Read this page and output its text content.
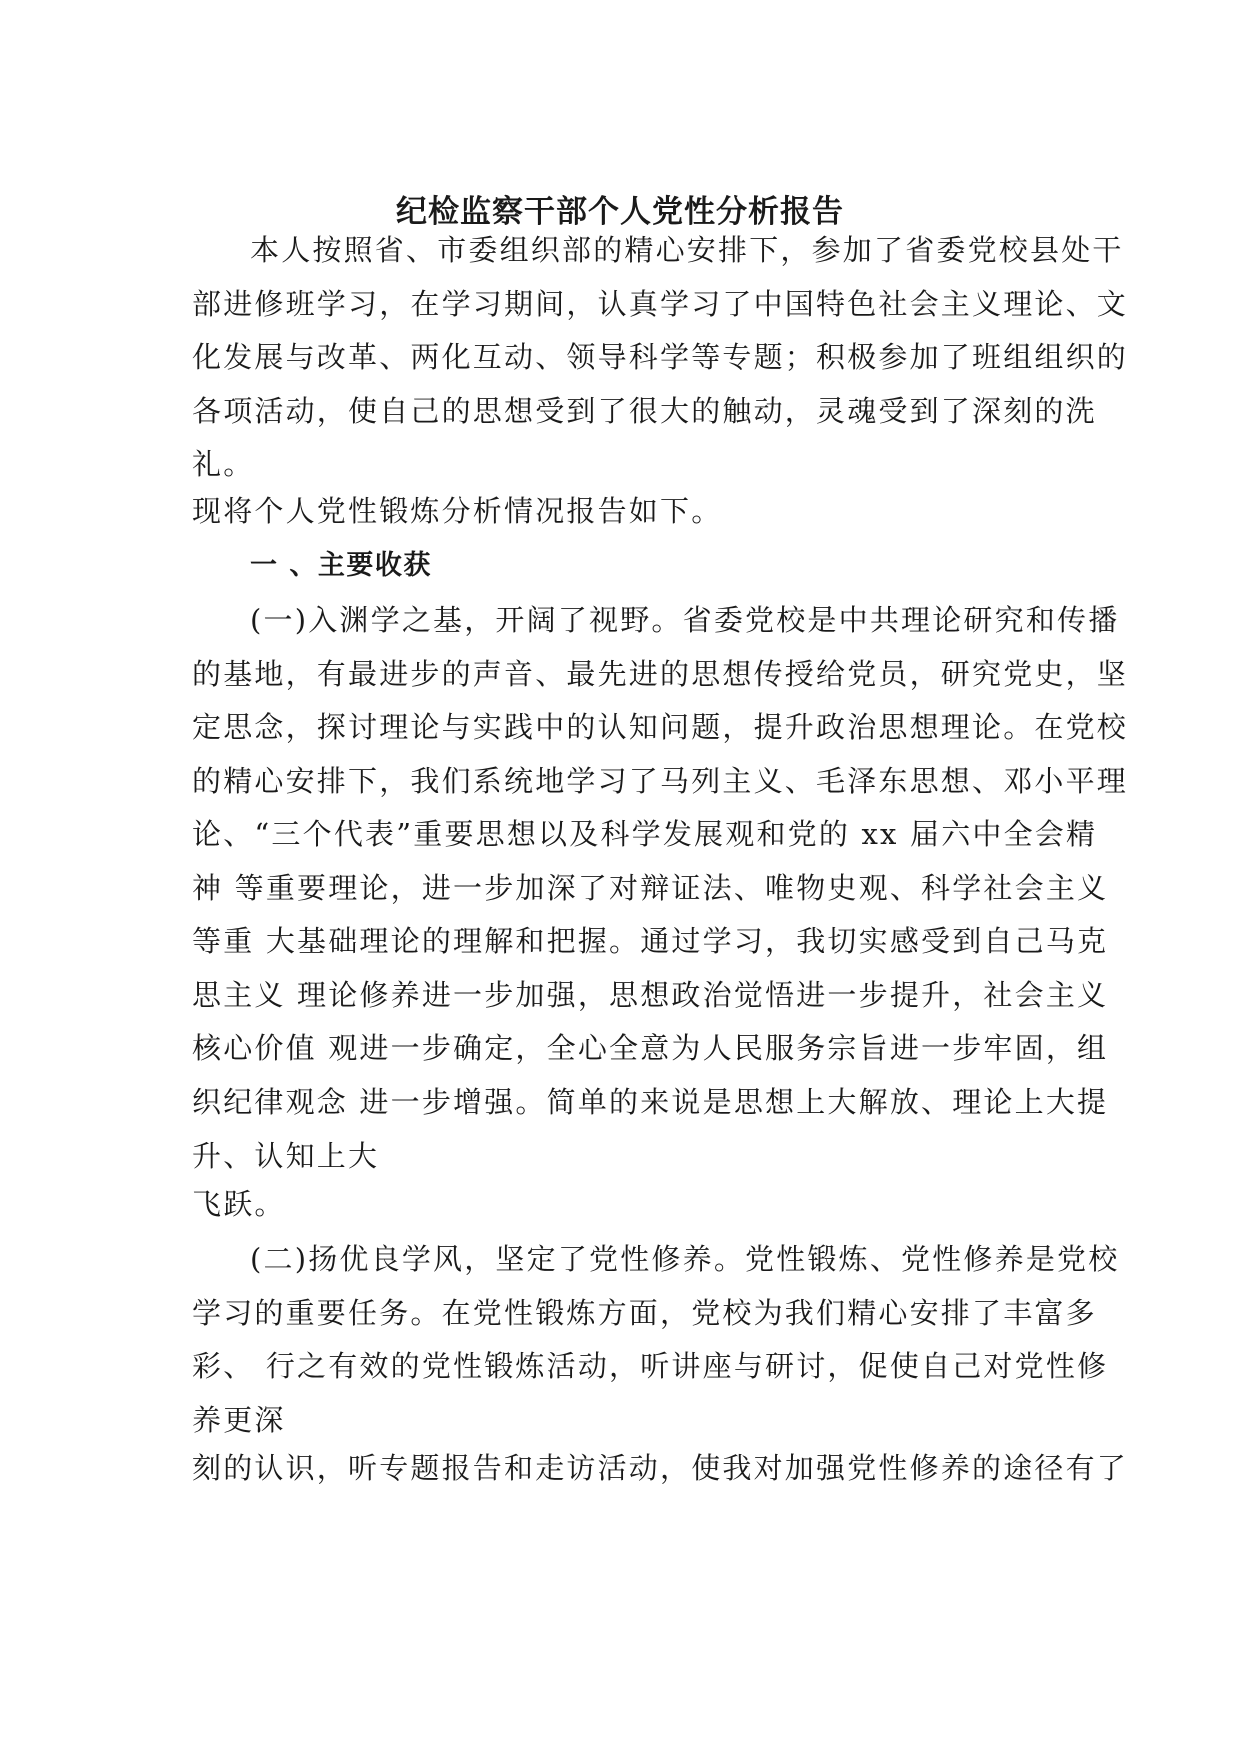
纪检监察干部个人党性分析报告
本人按照省、市委组织部的精心安排下，参加了省委党校县处干
部进修班学习，在学习期间，认真学习了中国特色社会主义理论、文
化发展与改革、两化互动、领导科学等专题；积极参加了班组组织的
各项活动，使自己的思想受到了很大的触动，灵魂受到了深刻的洗
礼。
现将个人党性锻炼分析情况报告如下。
一 、主要收获
(一)入渊学之基，开阔了视野。省委党校是中共理论研究和传播
的基地，有最进步的声音、最先进的思想传授给党员，研究党史，坚
定思念，探讨理论与实践中的认知问题，提升政治思想理论。在党校
的精心安排下，我们系统地学习了马列主义、毛泽东思想、邓小平理
论、“三个代表”重要思想以及科学发展观和党的 xx 届六中全会精
神 等重要理论，进一步加深了对辩证法、唯物史观、科学社会主义
等重 大基础理论的理解和把握。通过学习，我切实感受到自己马克
思主义 理论修养进一步加强，思想政治觉悟进一步提升，社会主义
核心价值 观进一步确定，全心全意为人民服务宗旨进一步牢固，组
织纪律观念 进一步增强。简单的来说是思想上大解放、理论上大提
升、认知上大
飞跃。
(二)扬优良学风，坚定了党性修养。党性锻炼、党性修养是党校
学习的重要任务。在党性锻炼方面，党校为我们精心安排了丰富多
彩、 行之有效的党性锻炼活动，听讲座与研讨，促使自己对党性修
养更深
刻的认识，听专题报告和走访活动，使我对加强党性修养的途径有了
